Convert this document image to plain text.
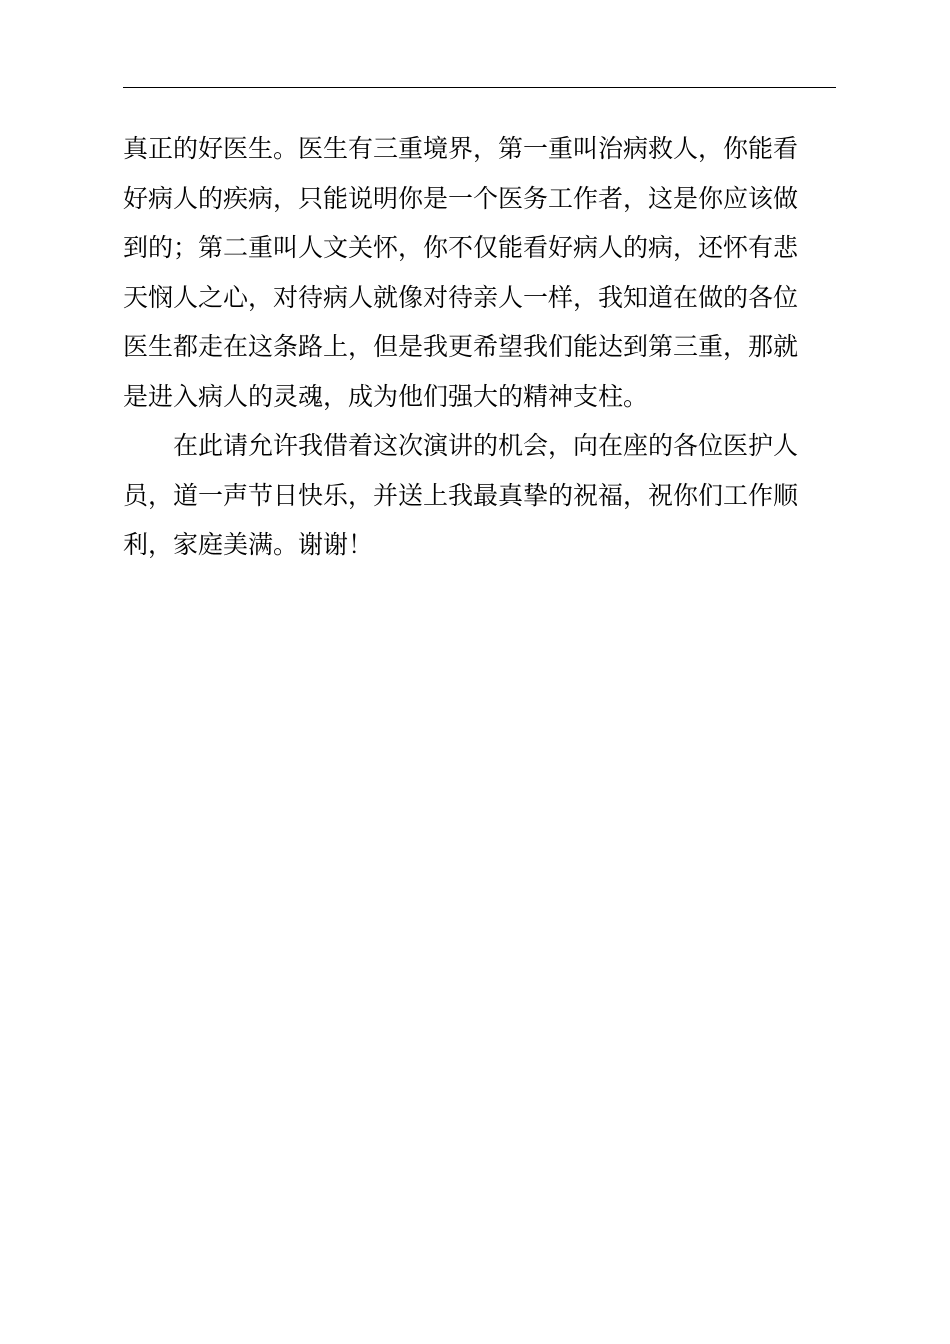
真正的好医生。医生有三重境界，第一重叫治病救人，你能看
好病人的疾病，只能说明你是一个医务工作者，这是你应该做
到的；第二重叫人文关怀，你不仅能看好病人的病，还怀有悲
天悯人之心，对待病人就像对待亲人一样，我知道在做的各位
医生都走在这条路上，但是我更希望我们能达到第三重，那就
是进入病人的灵魂，成为他们强大的精神支柱。
在此请允许我借着这次演讲的机会，向在座的各位医护人
员，道一声节日快乐，并送上我最真挚的祝福，祝你们工作顺
利，家庭美满。谢谢！
